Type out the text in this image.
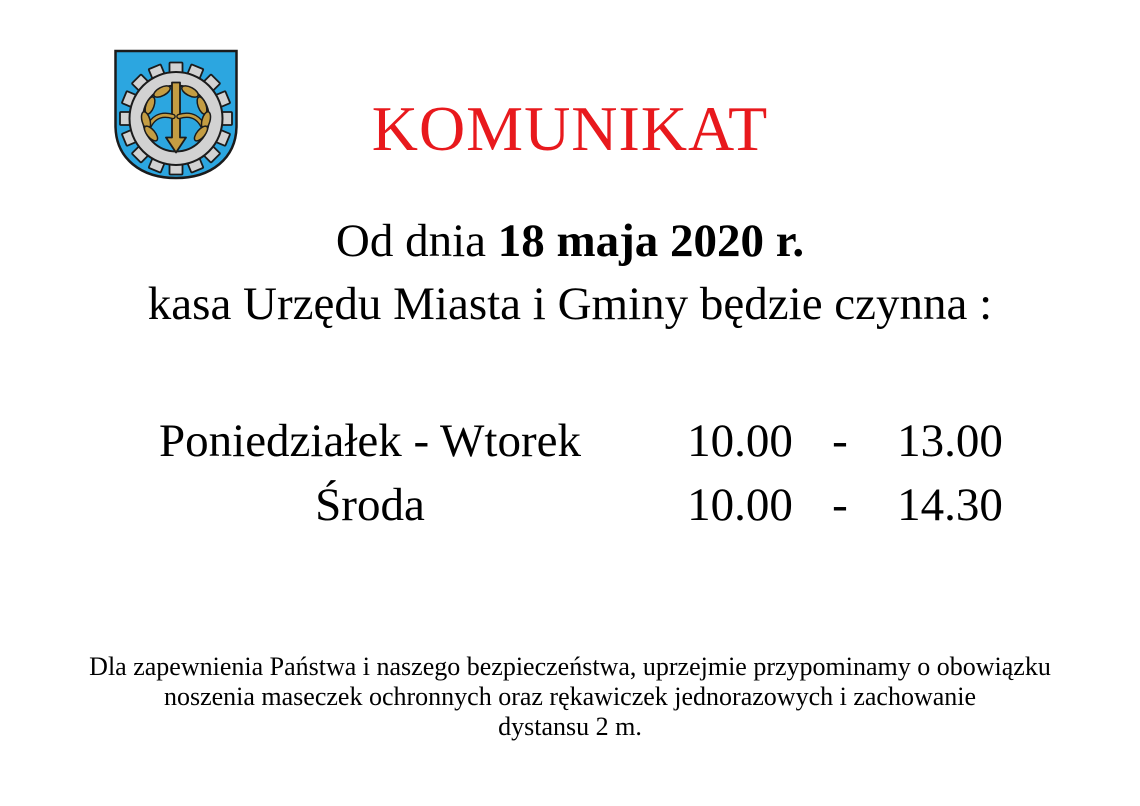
KOMUNIKAT
Od dnia 18 maja 2020 r.
kasa Urzędu Miasta i Gminy będzie czynna :
Poniedziałek - Wtorek	10.00 -	13.00
Środa	10.00 -	14.30
Dla zapewnienia Państwa i naszego bezpieczeństwa, uprzejmie przypominamy o obowiązku
noszenia maseczek ochronnych oraz rękawiczek jednorazowych i zachowanie
dystansu 2 m.
